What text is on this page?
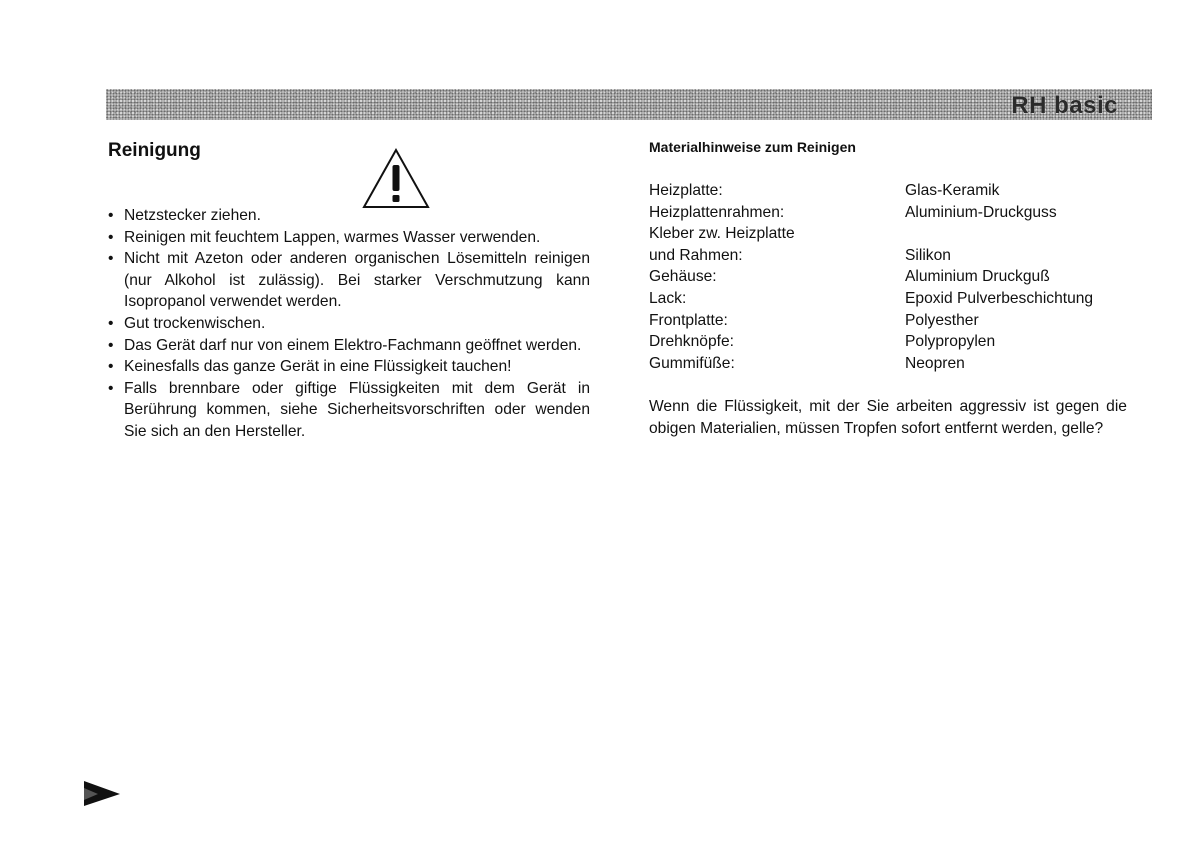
RH basic
Reinigung
• Netzstecker ziehen.
• Reinigen mit feuchtem Lappen, warmes Wasser verwenden.
• Nicht mit Azeton oder anderen organischen Lösemitteln reinigen (nur Alkohol ist zulässig). Bei starker Verschmutzung kann Isopropanol verwendet werden.
• Gut trockenwischen.
• Das Gerät darf nur von einem Elektro-Fachmann geöffnet werden.
• Keinesfalls das ganze Gerät in eine Flüssigkeit tauchen!
• Falls brennbare oder giftige Flüssigkeiten mit dem Gerät in Berührung kommen, siehe Sicherheitsvorschriften oder wenden Sie sich an den Hersteller.
Materialhinweise zum Reinigen
Heizplatte:	Glas-Keramik
Heizplattenrahmen:	Aluminium-Druckguss
Kleber zw. Heizplatte
und Rahmen:	Silikon
Gehäuse:	Aluminium Druckguß
Lack:	Epoxid Pulverbeschichtung
Frontplatte:	Polyesther
Drehknöpfe:	Polypropylen
Gummifüße:	Neopren

Wenn die Flüssigkeit, mit der Sie arbeiten aggressiv ist gegen die obigen Materialien, müssen Tropfen sofort entfernt werden, gelle?
